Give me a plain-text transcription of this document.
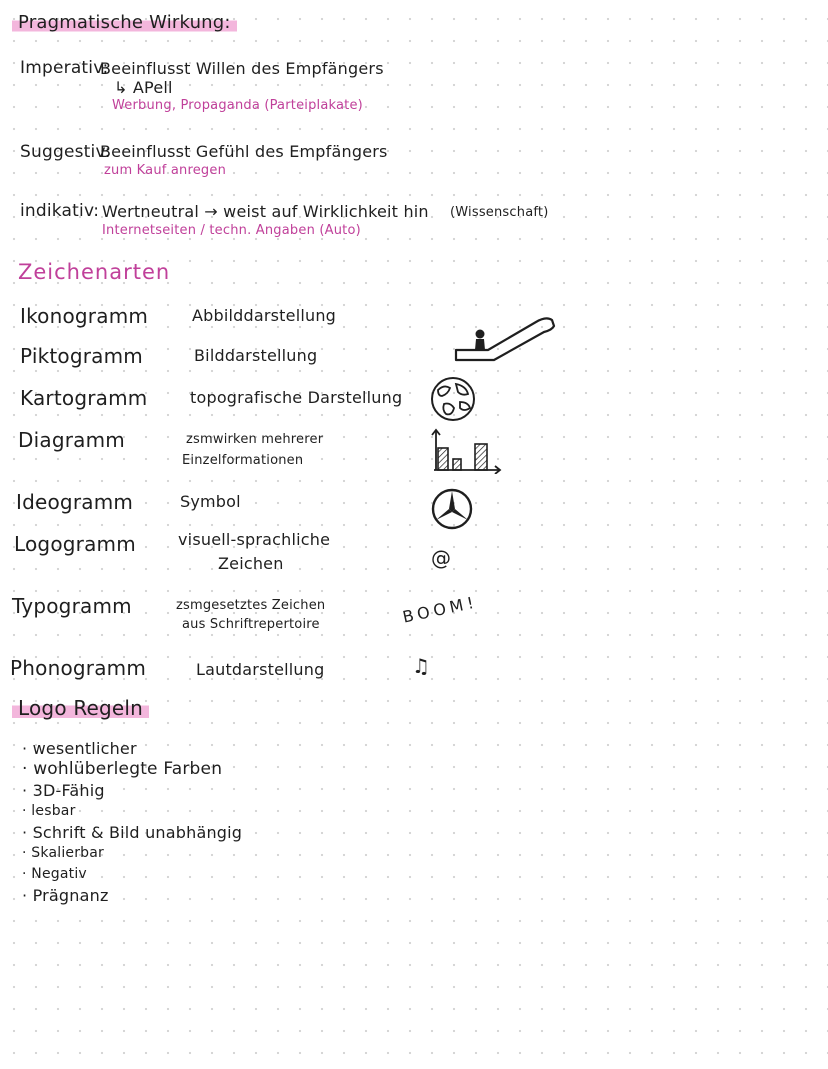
Pragmatische Wirkung:
Imperativ:
Beeinflusst Willen des Empfängers
↳ APell
Werbung, Propaganda (Parteiplakate)
Suggestiv:
Beeinflusst Gefühl des Empfängers
zum Kauf anregen
indikativ: Wertneutral → weist auf Wirklichkeit hin (Wissenschaft)
Internetseiten / techn. Angaben (Auto)
Zeichenarten
Ikonogramm	Abbilddarstellung
Piktogramm	Bilddarstellung
Kartogramm	topografische Darstellung
Diagramm	zsmwirken mehrerer
Einzelformationen
Ideogramm	Symbol
Logogramm	visuell-sprachliche
Zeichen	@
Typogramm	zsmgesetztes Zeichen
aus Schriftrepertoire	BOOM!
Phonogramm	Lautdarstellung	♫
Logo Regeln
· wesentlicher
· wohlüberlegte Farben
· 3D-Fähig
· lesbar
· Schrift & Bild unabhängig
· Skalierbar
· Negativ
· Prägnanz
